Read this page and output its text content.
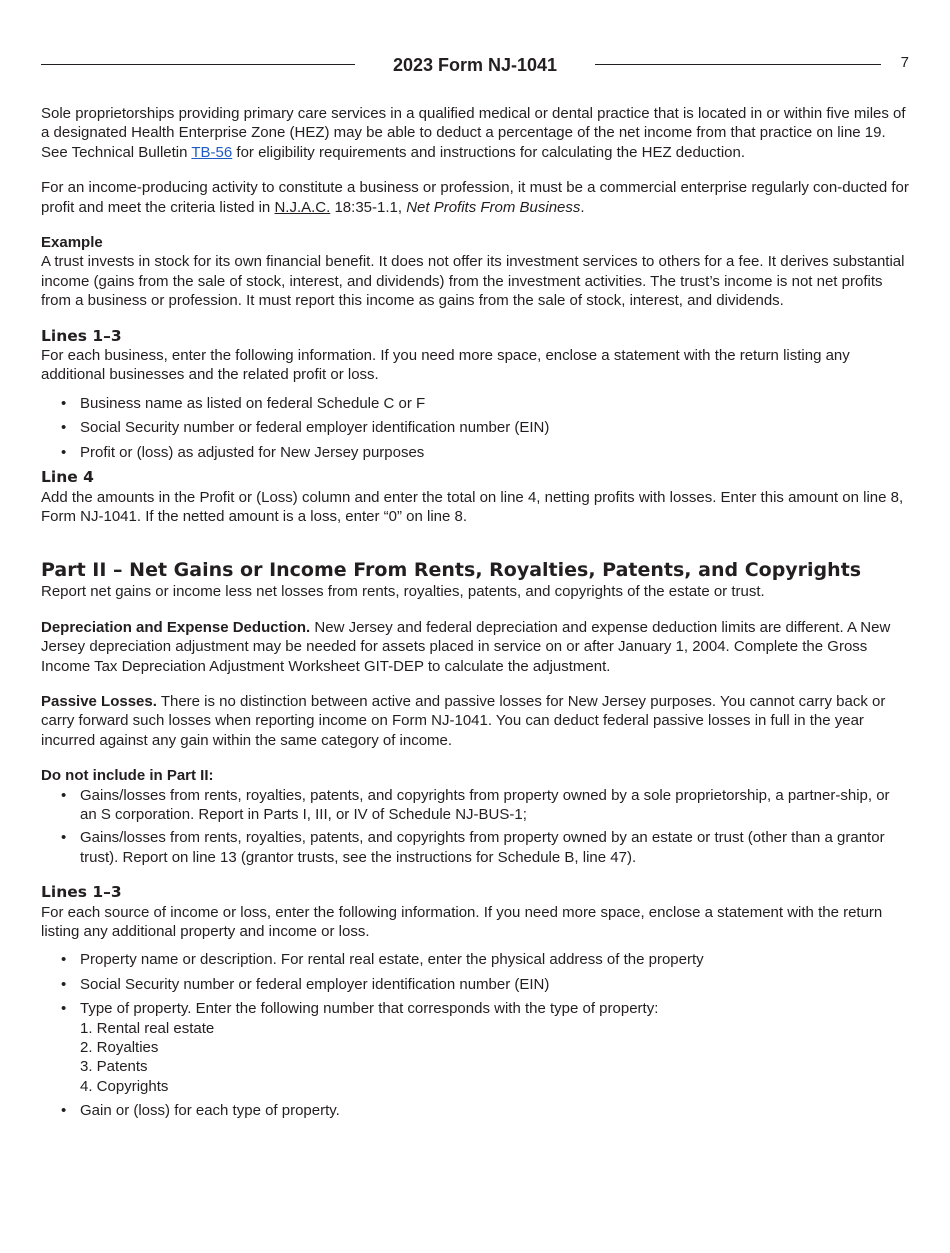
2023 Form NJ-1041	7

Sole proprietorships providing primary care services in a qualified medical or dental practice that is located in or within five miles of a designated Health Enterprise Zone (HEZ) may be able to deduct a percentage of the net income from that practice on line 19. See Technical Bulletin TB-56 for eligibility requirements and instructions for calculating the HEZ deduction.

For an income-producing activity to constitute a business or profession, it must be a commercial enterprise regularly con-ducted for profit and meet the criteria listed in N.J.A.C. 18:35-1.1, Net Profits From Business.

Example

A trust invests in stock for its own financial benefit. It does not offer its investment services to others for a fee. It derives substantial income (gains from the sale of stock, interest, and dividends) from the investment activities. The trust’s income is not net profits from a business or profession. It must report this income as gains from the sale of stock, interest, and dividends.

Lines 1–3

For each business, enter the following information. If you need more space, enclose a statement with the return listing any additional businesses and the related profit or loss.

• Business name as listed on federal Schedule C or F
• Social Security number or federal employer identification number (EIN)
• Profit or (loss) as adjusted for New Jersey purposes

Line 4

Add the amounts in the Profit or (Loss) column and enter the total on line 4, netting profits with losses. Enter this amount on line 8, Form NJ-1041. If the netted amount is a loss, enter “0” on line 8.

Part II – Net Gains or Income From Rents, Royalties, Patents, and Copyrights

Report net gains or income less net losses from rents, royalties, patents, and copyrights of the estate or trust.

Depreciation and Expense Deduction. New Jersey and federal depreciation and expense deduction limits are different. A New Jersey depreciation adjustment may be needed for assets placed in service on or after January 1, 2004. Complete the Gross Income Tax Depreciation Adjustment Worksheet GIT-DEP to calculate the adjustment.

Passive Losses. There is no distinction between active and passive losses for New Jersey purposes. You cannot carry back or carry forward such losses when reporting income on Form NJ-1041. You can deduct federal passive losses in full in the year incurred against any gain within the same category of income.

Do not include in Part II:

• Gains/losses from rents, royalties, patents, and copyrights from property owned by a sole proprietorship, a partner-ship, or an S corporation. Report in Parts I, III, or IV of Schedule NJ-BUS-1;
• Gains/losses from rents, royalties, patents, and copyrights from property owned by an estate or trust (other than a grantor trust). Report on line 13 (grantor trusts, see the instructions for Schedule B, line 47).

Lines 1–3

For each source of income or loss, enter the following information. If you need more space, enclose a statement with the return listing any additional property and income or loss.

• Property name or description. For rental real estate, enter the physical address of the property
• Social Security number or federal employer identification number (EIN)
• Type of property. Enter the following number that corresponds with the type of property:
1. Rental real estate
2. Royalties
3. Patents
4. Copyrights
• Gain or (loss) for each type of property.
